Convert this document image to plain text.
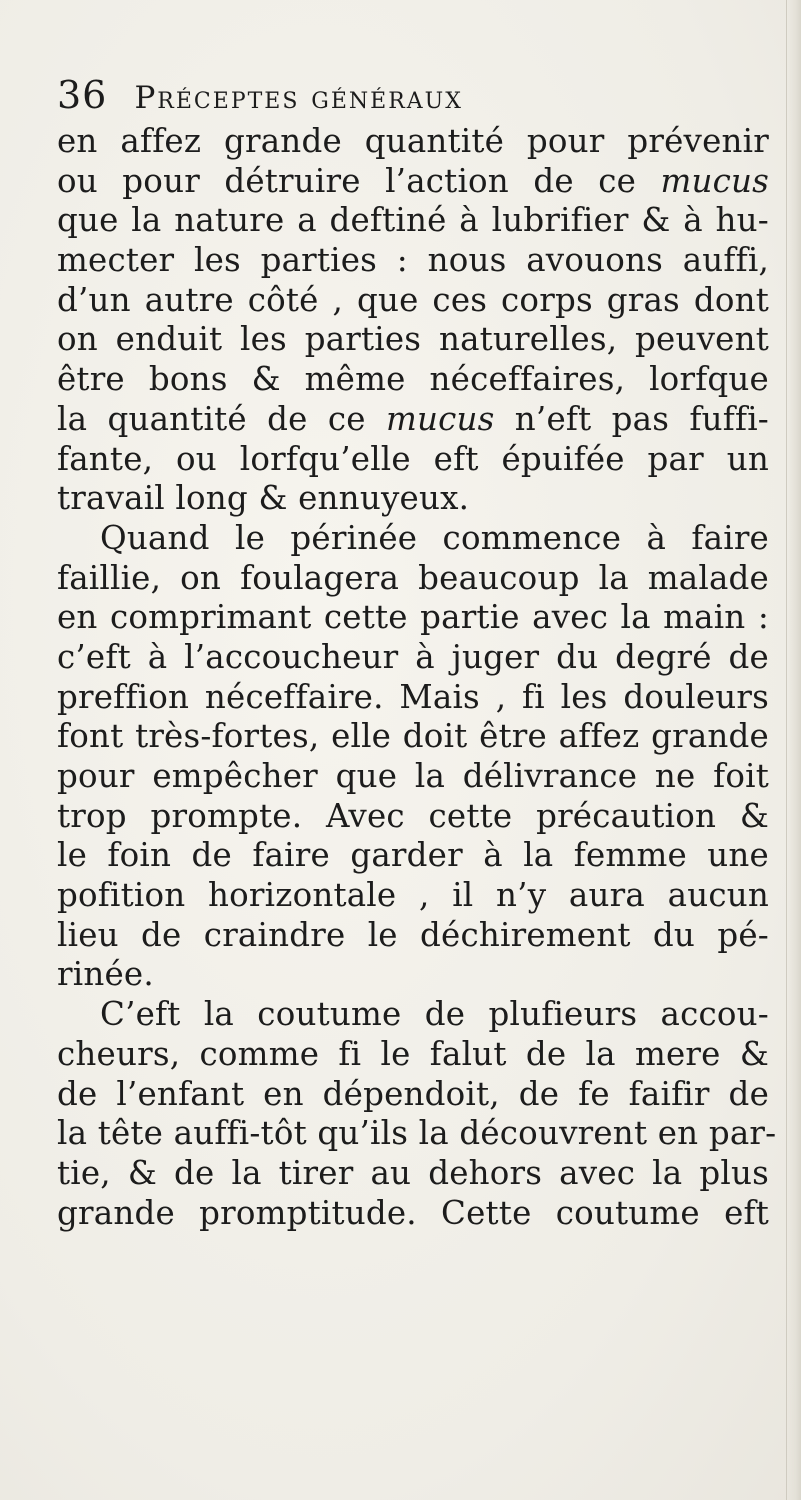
36 Préceptes généraux
en affez grande quantité pour prévenir
ou pour détruire l’action de ce mucus
que la nature a deftiné à lubrifier & à hu-
mecter les parties : nous avouons auffi,
d’un autre côté , que ces corps gras dont
on enduit les parties naturelles, peuvent
être bons & même néceffaires, lorfque
la quantité de ce mucus n’eft pas fuffi-
fante, ou lorfqu’elle eft épuifée par un
travail long & ennuyeux.
Quand le périnée commence à faire
faillie, on foulagera beaucoup la malade
en comprimant cette partie avec la main :
c’eft à l’accoucheur à juger du degré de
preffion néceffaire. Mais , fi les douleurs
font très-fortes, elle doit être affez grande
pour empêcher que la délivrance ne foit
trop prompte. Avec cette précaution &
le foin de faire garder à la femme une
pofition horizontale , il n’y aura aucun
lieu de craindre le déchirement du pé-
rinée.
C’eft la coutume de plufieurs accou-
cheurs, comme fi le falut de la mere &
de l’enfant en dépendoit, de fe faifir de
la tête auffi-tôt qu’ils la découvrent en par-
tie, & de la tirer au dehors avec la plus
grande promptitude. Cette coutume eft
